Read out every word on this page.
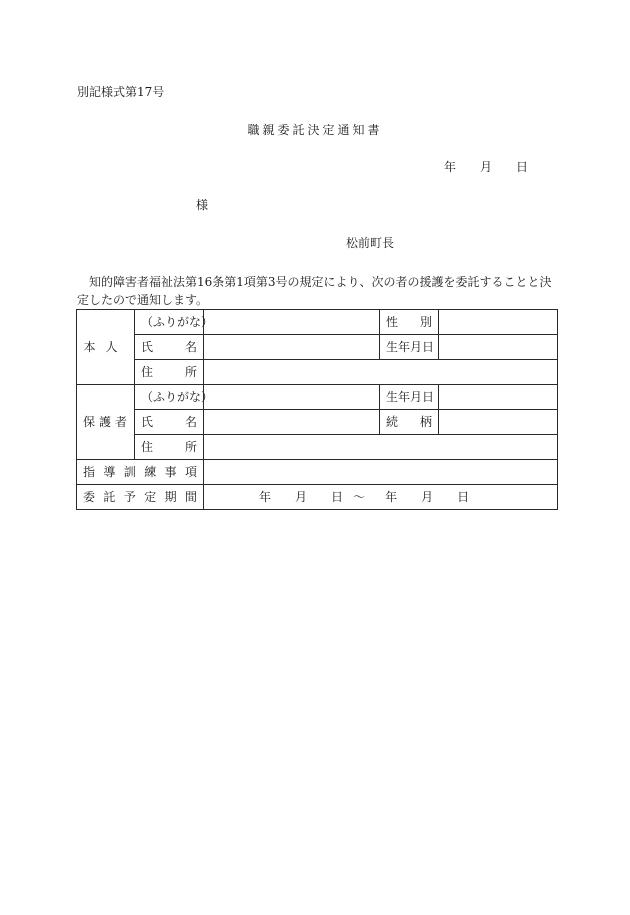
別記様式第17号
職親委託決定通知書
年 月 日
様
松前町長
知的障害者福祉法第16条第1項第3号の規定により、次の者の援護を委託することと決定したので通知します。
本人	（ふりがな）		性別	
	氏名		生年月日	
	住所			
保護者	（ふりがな）		生年月日	
	氏名		続柄	
	住所			
指導訓練事項				
委託予定期間		年 月 日 ～ 年 月 日		
